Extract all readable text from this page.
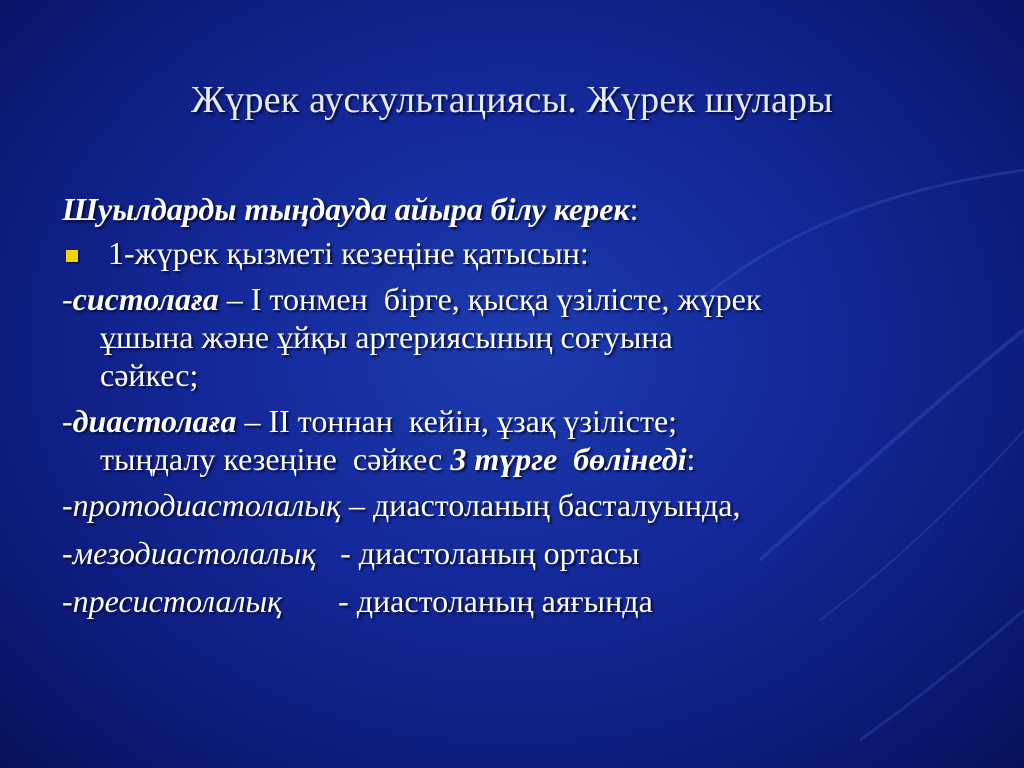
Жүрек аускультациясы. Жүрек шулары

Шуылдарды тыңдауда айыра білу керек:

1-жүрек қызметі кезеңіне қатысын:

-систолаға – I тонмен  бірге, қысқа үзілісте, жүрек
ұшына және ұйқы артериясының соғуына
сәйкес;

-диастолаға – II тоннан  кейін, ұзақ үзілісте;
тыңдалу кезеңіне  сәйкес 3 түрге  бөлінеді:

-протодиастолалық – диастоланың басталуында,

-мезодиастолалық   - диастоланың ортасы

-пресистолалық       - диастоланың аяғында
